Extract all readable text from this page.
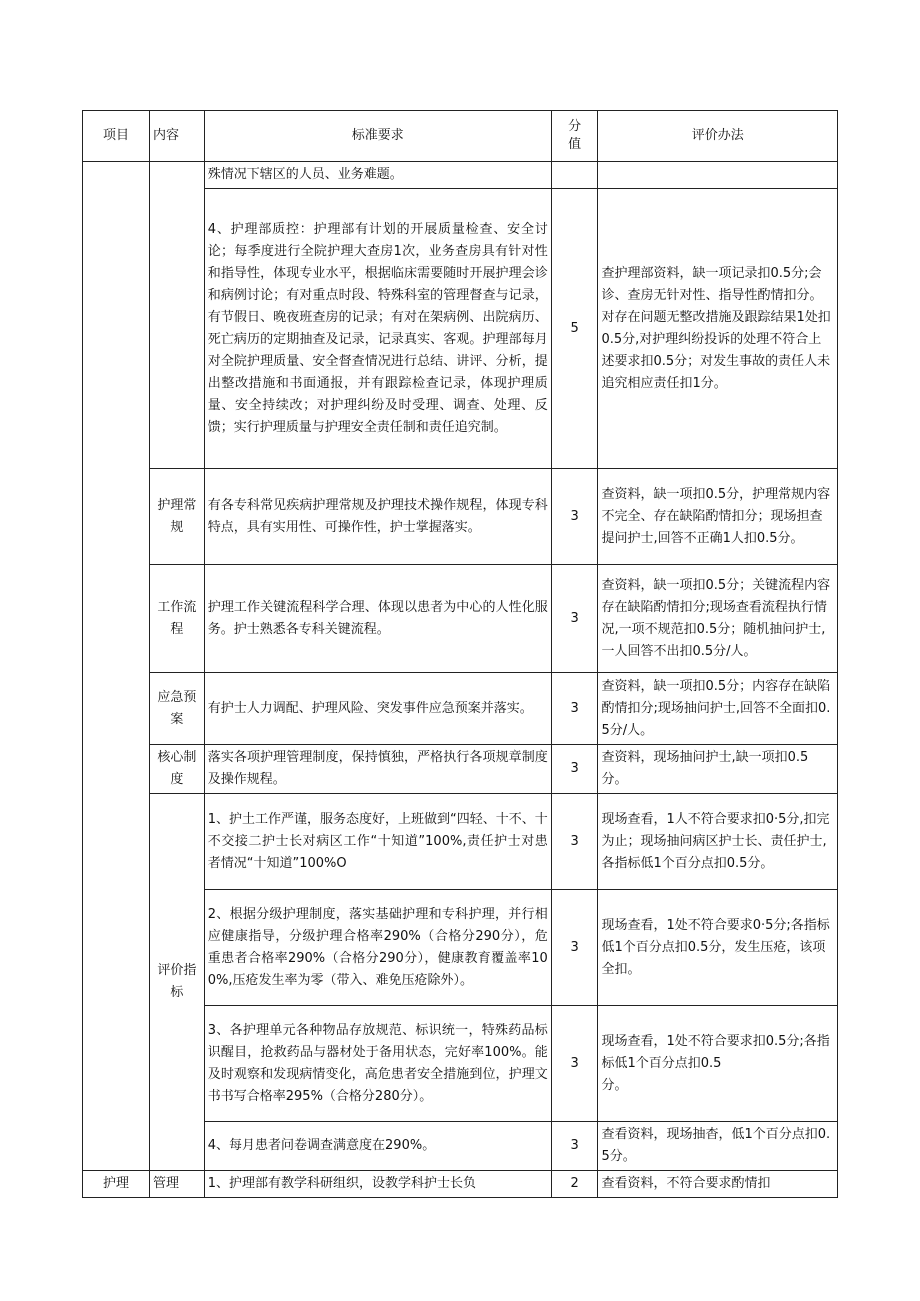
项目	内容	标准要求	分值	评价办法
		殊情况下辖区的人员、业务难题。		
		4、护理部质控：护理部有计划的开展质量检查、安全讨论；每季度进行全院护理大查房1次，业务查房具有针对性和指导性，体现专业水平，根据临床需要随时开展护理会诊和病例讨论；有对重点时段、特殊科室的管理督查与记录，有节假日、晚夜班查房的记录；有对在架病例、出院病历、死亡病历的定期抽查及记录，记录真实、客观。护理部每月对全院护理质量、安全督查情况进行总结、讲评、分析，提出整改措施和书面通报，并有跟踪检查记录，体现护理质量、安全持续改；对护理纠纷及时受理、调查、处理、反馈；实行护理质量与护理安全责任制和责任追究制。	5	查护理部资料，缺一项记录扣0.5分;会诊、查房无针对性、指导性酌情扣分。对存在问题无整改措施及跟踪结果1处扣0.5分,对护理纠纷投诉的处理不符合上述要求扣0.5分；对发生事故的责任人未追究相应责任扣1分。
	护理常规	有各专科常见疾病护理常规及护理技术操作规程，体现专科特点，具有实用性、可操作性，护士掌握落实。	3	查资料，缺一项扣0.5分，护理常规内容不完全、存在缺陷酌情扣分；现场担查提问护士,回答不正确1人扣0.5分。
	工作流程	护理工作关键流程科学合理、体现以患者为中心的人性化服务。护士熟悉各专科关键流程。	3	查资料，缺一项扣0.5分；关键流程内容存在缺陷酌情扣分;现场查看流程执行情况,一项不规范扣0.5分；随机抽问护士,一人回答不出扣0.5分/人。
	应急预案	有护士人力调配、护理风险、突发事件应急预案并落实。	3	查资料，缺一项扣0.5分；内容存在缺陷酌情扣分;现场抽问护士,回答不全面扣0.5分/人。
	核心制度	落实各项护理管理制度，保持慎独，严格执行各项规章制度及操作规程。	3	查资料，现场抽问护士,缺一项扣0.5分。
	评价指标	1、护土工作严谨，服务态度好，上班做到“四轻、十不、十不交接二护士长对病区工作“十知道”100%,责任护士对患者情况“十知道”100%O	3	现场查看，1人不符合要求扣0·5分,扣完为止；现场抽问病区护士长、责任护士,各指标低1个百分点扣0.5分。
		2、根据分级护理制度，落实基础护理和专科护理，并行相应健康指导，分级护理合格率290%（合格分290分），危重患者合格率290%（合格分290分），健康教育覆盖率100%,压疮发生率为零（带入、难免压疮除外）。	3	现场查看，1处不符合要求0·5分;各指标低1个百分点扣0.5分，发生压疮，该项全扣。
		3、各护理单元各种物品存放规范、标识统一，特殊药品标识醒目，抢救药品与器材处于备用状态，完好率100%。能及时观察和发现病情变化，高危患者安全措施到位，护理文书书写合格率295%（合格分280分）。	3	现场查看，1处不符合要求扣0.5分;各指标低1个百分点扣0.5
分。
		4、每月患者问卷调查满意度在290%。	3	查看资料，现场抽杳，低1个百分点扣0.5分。
护理	管理	1、护理部有教学科研组织，设教学科护士长负	2	查看资料，不符合要求酌情扣
